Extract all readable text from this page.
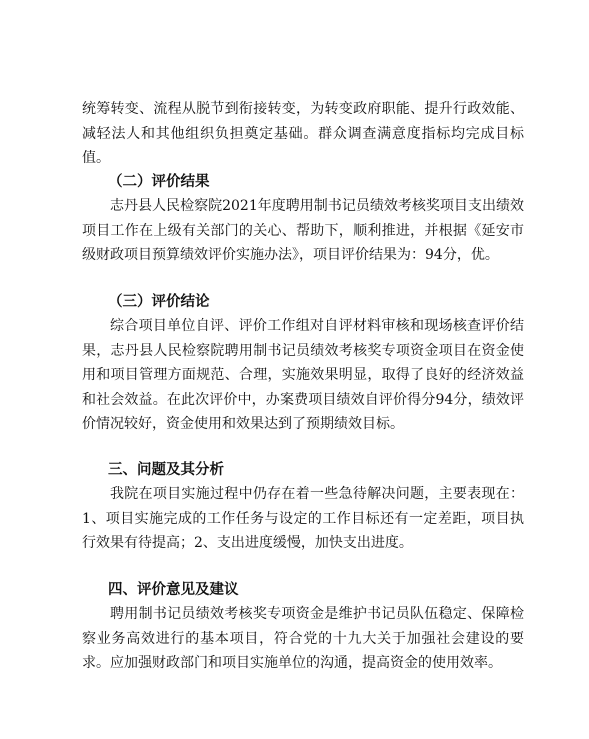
统筹转变、流程从脱节到衔接转变，为转变政府职能、提升行政效能、减轻法人和其他组织负担奠定基础。群众调查满意度指标均完成目标值。

（二）评价结果

志丹县人民检察院2021年度聘用制书记员绩效考核奖项目支出绩效项目工作在上级有关部门的关心、帮助下，顺利推进，并根据《延安市级财政项目预算绩效评价实施办法》，项目评价结果为：94分，优。

（三）评价结论

综合项目单位自评、评价工作组对自评材料审核和现场核查评价结果，志丹县人民检察院聘用制书记员绩效考核奖专项资金项目在资金使用和项目管理方面规范、合理，实施效果明显，取得了良好的经济效益和社会效益。在此次评价中，办案费项目绩效自评价得分94分，绩效评价情况较好，资金使用和效果达到了预期绩效目标。

三、问题及其分析

我院在项目实施过程中仍存在着一些急待解决问题，主要表现在：1、项目实施完成的工作任务与设定的工作目标还有一定差距，项目执行效果有待提高；2、支出进度缓慢，加快支出进度。

四、评价意见及建议

聘用制书记员绩效考核奖专项资金是维护书记员队伍稳定、保障检察业务高效进行的基本项目，符合党的十九大关于加强社会建设的要求。应加强财政部门和项目实施单位的沟通，提高资金的使用效率。
